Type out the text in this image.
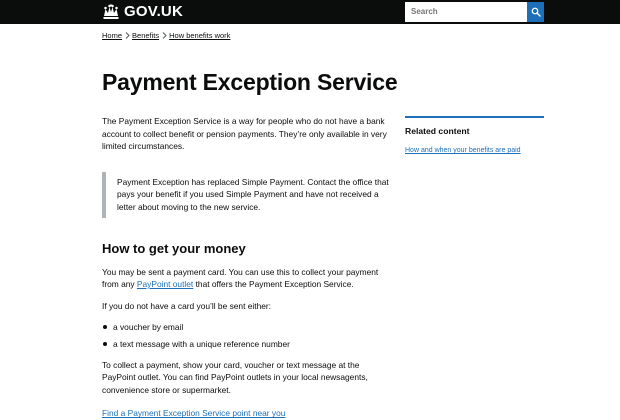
GOV.UK
Search
Home Benefits How benefits work
Payment Exception Service

The Payment Exception Service is a way for people who do not have a bank account to collect benefit or pension payments. They’re only available in very limited circumstances.

Payment Exception has replaced Simple Payment. Contact the office that pays your benefit if you used Simple Payment and have not received a letter about moving to the new service.
How to get your money

You may be sent a payment card. You can use this to collect your payment from any PayPoint outlet that offers the Payment Exception Service.

If you do not have a card you’ll be sent either:

a voucher by email
a text message with a unique reference number

To collect a payment, show your card, voucher or text message at the PayPoint outlet. You can find PayPoint outlets in your local newsagents, convenience store or supermarket.

Find a Payment Exception Service point near you
Related content
How and when your benefits are paid
